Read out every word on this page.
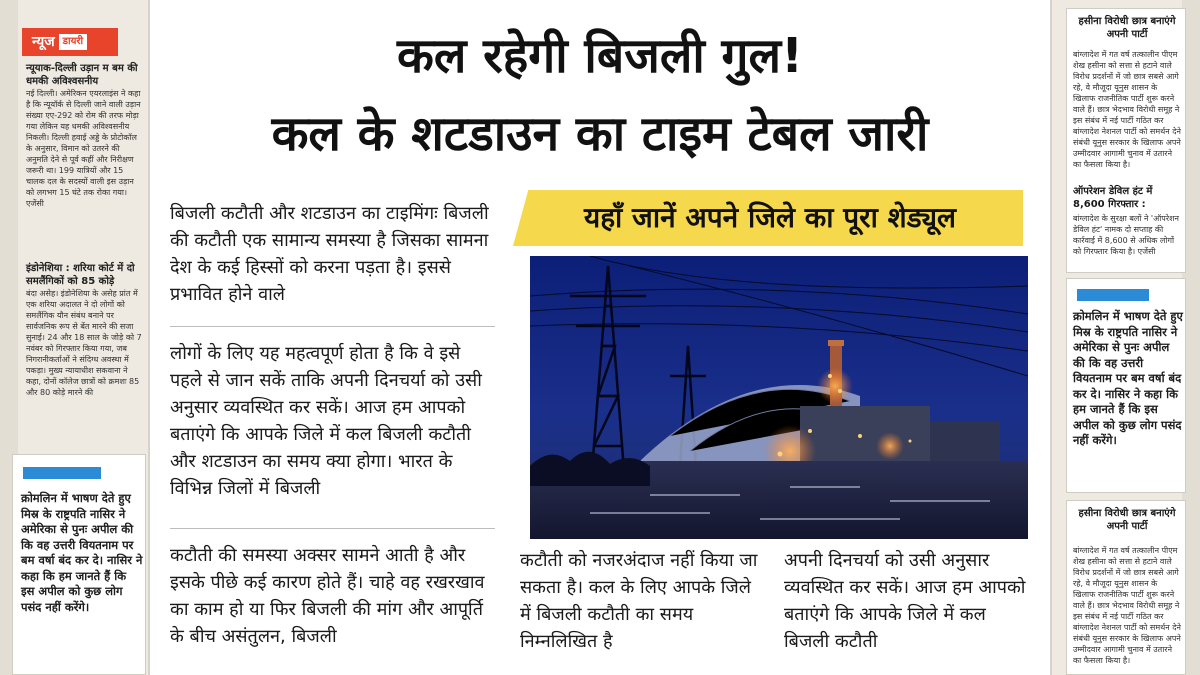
न्यूज डायरी
न्यूयाक-दिल्ली उड़ान म बम की धमकी अविश्वसनीय
नई दिल्ली। अमेरिकन एयरलाइंस ने कहा है कि न्यूयॉर्क से दिल्ली जाने वाली उड़ान संख्या एए-292 को रोम की तरफ मोड़ा गया लेकिन यह धमकी अविश्वसनीय निकली। दिल्ली हवाई अड्डे के प्रोटोकॉल के अनुसार, विमान को उतरने की अनुमति देने से पूर्व कहीं और निरीक्षण जरूरी था। 199 यात्रियों और 15 चालक दल के सदस्यों वाली इस उड़ान को लगभग 15 घंटे तक रोका गया। एजेंसी
इंडोनेशिया : शरिया कोर्ट में दो समलैंगिकों को 85 कोड़े
बंदा असेह। इंडोनेशिया के असेह प्रांत में एक शरिया अदालत ने दो लोगों को समलैंगिक यौन संबंध बनाने पर सार्वजनिक रूप से बेंत मारने की सजा सुनाई। 24 और 18 साल के जोड़े को 7 नवंबर को गिरफ्तार किया गया, जब निगरानीकर्ताओं ने संदिग्ध अवस्था में पकड़ा। मुख्य न्यायाधीश सकवाना ने कहा, दोनों कॉलेज छात्रों को क्रमशः 85 और 80 कोड़े मारने की
क्रोमलिन में भाषण देते हुए मिस्र के राष्ट्रपति नासिर ने अमेरिका से पुनः अपील की कि वह उत्तरी वियतनाम पर बम वर्षा बंद कर दे। नासिर ने कहा कि हम जानते हैं कि इस अपील को कुछ लोग पसंद नहीं करेंगे।
हसीना विरोधी छात्र बनाएंगे अपनी पार्टी
बांग्लादेश में गत वर्ष तत्कालीन पीएम शेख हसीना को सत्ता से हटाने वाले विरोध प्रदर्शनों में जो छात्र सबसे आगे रहे, वे मौजूदा यूनुस शासन के खिलाफ राजनीतिक पार्टी शुरू करने वाले हैं। छात्र भेदभाव विरोधी समूह ने इस संबंध में नई पार्टी गठित कर बांग्लादेश नेशनल पार्टी को समर्थन देने संबंधी यूनुस सरकार के खिलाफ अपने उम्मीदवार आगामी चुनाव में उतारने का फैसला किया है।
ऑपरेशन डेविल हंट में 8,600 गिरफ्तार :
बांग्लादेश के सुरक्षा बलों ने 'ऑपरेशन डेविल हंट' नामक दो सप्ताह की कार्रवाई में 8,600 से अधिक लोगों को गिरफ्तार किया है। एजेंसी
क्रोमलिन में भाषण देते हुए मिस्र के राष्ट्रपति नासिर ने अमेरिका से पुनः अपील की कि वह उत्तरी वियतनाम पर बम वर्षा बंद कर दे। नासिर ने कहा कि हम जानते हैं कि इस अपील को कुछ लोग पसंद नहीं करेंगे।
हसीना विरोधी छात्र बनाएंगे अपनी पार्टी
बांग्लादेश में गत वर्ष तत्कालीन पीएम शेख हसीना को सत्ता से हटाने वाले विरोध प्रदर्शनों में जो छात्र सबसे आगे रहे, वे मौजूदा यूनुस शासन के खिलाफ राजनीतिक पार्टी शुरू करने वाले हैं। छात्र भेदभाव विरोधी समूह ने इस संबंध में नई पार्टी गठित कर बांग्लादेश नेशनल पार्टी को समर्थन देने संबंधी यूनुस सरकार के खिलाफ अपने उम्मीदवार आगामी चुनाव में उतारने का फैसला किया है।
कल रहेगी बिजली गुल!
कल के शटडाउन का टाइम टेबल जारी
यहाँ जानें अपने जिले का पूरा शेड्यूल
बिजली कटौती और शटडाउन का टाइमिंगः बिजली की कटौती एक सामान्य समस्या है जिसका सामना देश के कई हिस्सों को करना पड़ता है। इससे प्रभावित होने वाले
लोगों के लिए यह महत्वपूर्ण होता है कि वे इसे पहले से जान सकें ताकि अपनी दिनचर्या को उसी अनुसार व्यवस्थित कर सकें। आज हम आपको बताएंगे कि आपके जिले में कल बिजली कटौती और शटडाउन का समय क्या होगा। भारत के विभिन्न जिलों में बिजली
कटौती की समस्या अक्सर सामने आती है और इसके पीछे कई कारण होते हैं। चाहे वह रखरखाव का काम हो या फिर बिजली की मांग और आपूर्ति के बीच असंतुलन, बिजली
कटौती को नजरअंदाज नहीं किया जा सकता है। कल के लिए आपके जिले में बिजली कटौती का समय निम्नलिखित है
अपनी दिनचर्या को उसी अनुसार व्यवस्थित कर सकें। आज हम आपको बताएंगे कि आपके जिले में कल बिजली कटौती
